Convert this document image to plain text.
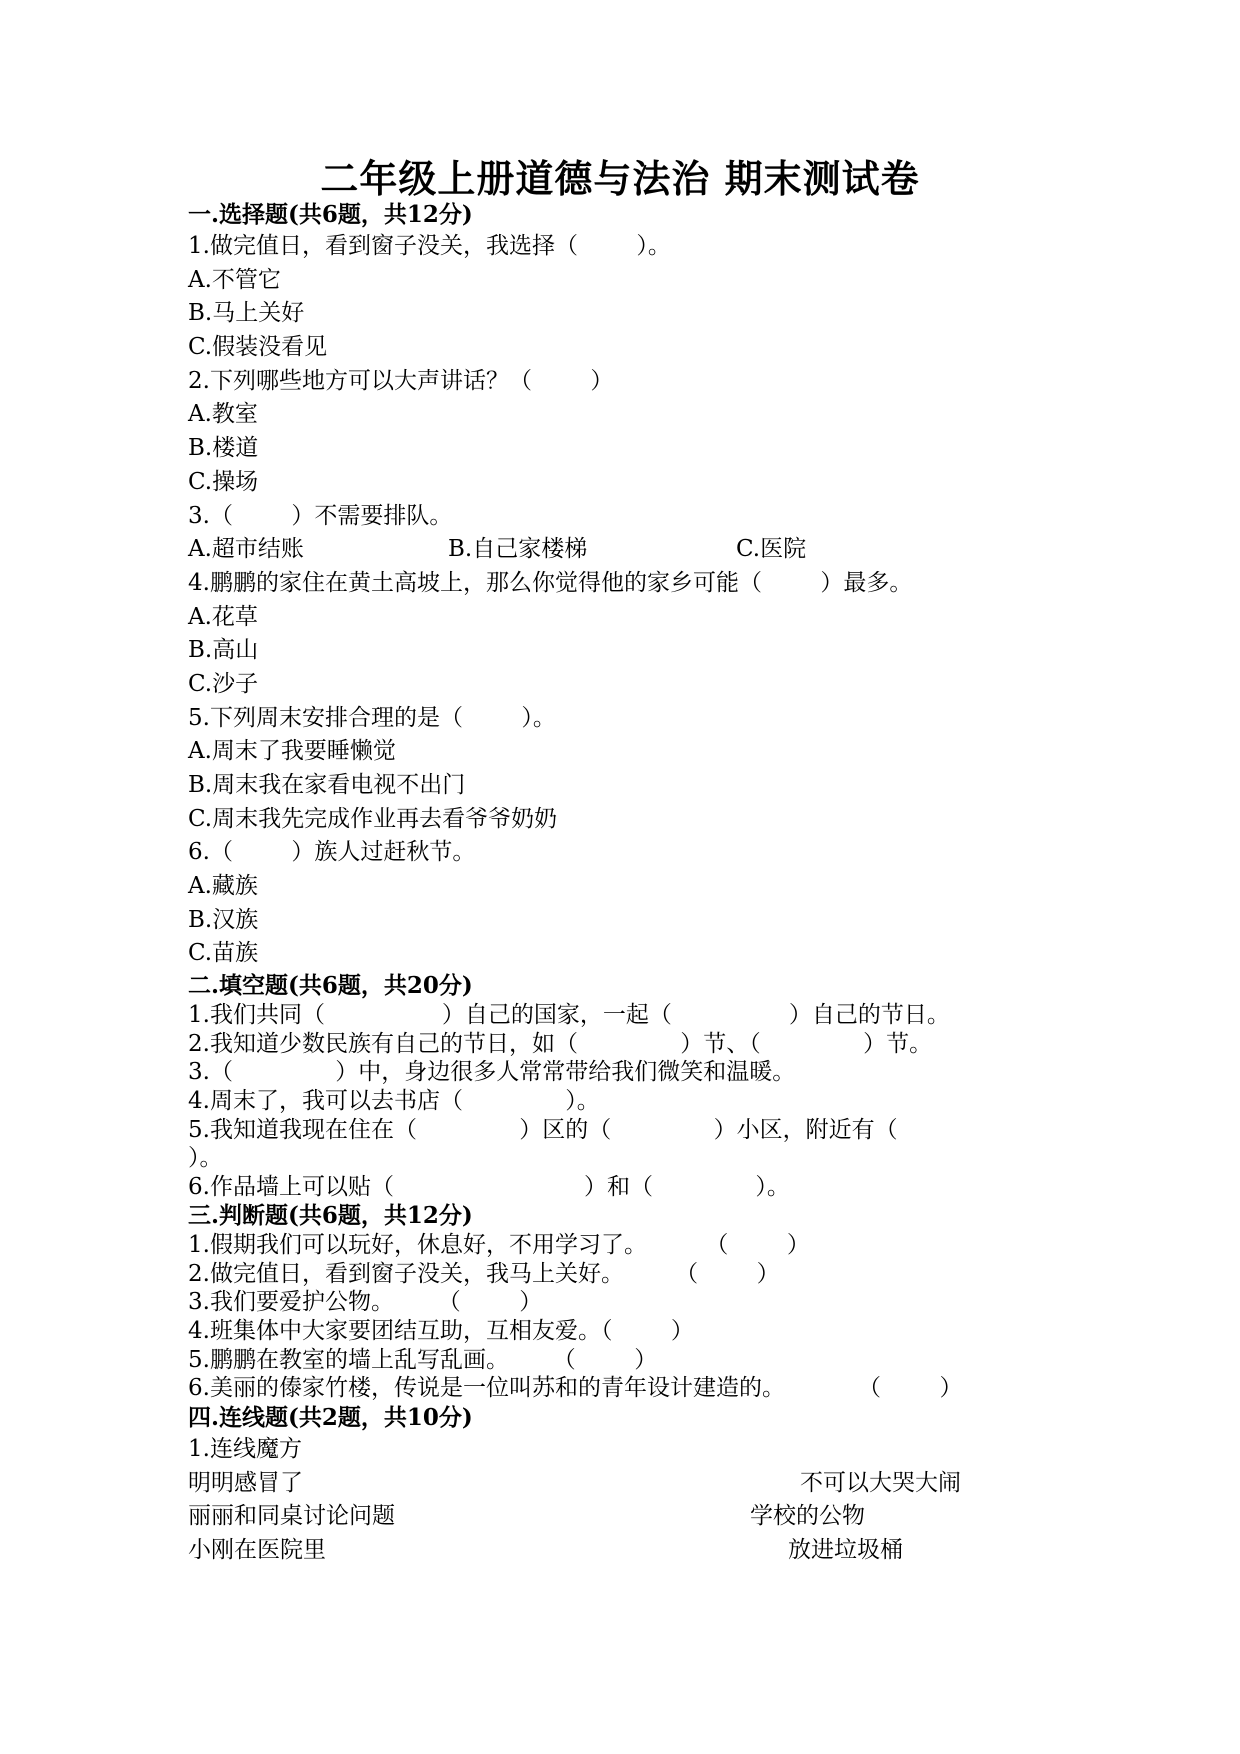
二年级上册道德与法治 期末测试卷
一.选择题(共6题，共12分)
1.做完值日，看到窗子没关，我选择（        ）。
A.不管它
B.马上关好
C.假装没看见
2.下列哪些地方可以大声讲话？（        ）
A.教室
B.楼道
C.操场
3.（        ）不需要排队。
A.超市结账	B.自己家楼梯	C.医院
4.鹏鹏的家住在黄土高坡上，那么你觉得他的家乡可能（        ）最多。
A.花草
B.高山
C.沙子
5.下列周末安排合理的是（        ）。
A.周末了我要睡懒觉
B.周末我在家看电视不出门
C.周末我先完成作业再去看爷爷奶奶
6.（        ）族人过赶秋节。
A.藏族
B.汉族
C.苗族
二.填空题(共6题，共20分)
1.我们共同（                ）自己的国家，一起（                ）自己的节日。
2.我知道少数民族有自己的节日，如（              ）节、（              ）节。
3.（              ）中，身边很多人常常带给我们微笑和温暖。
4.周末了，我可以去书店（              ）。
5.我知道我现在住在（              ）区的（              ）小区，附近有（
）。
6.作品墙上可以贴（                          ）和（              ）。
三.判断题(共6题，共12分)
1.假期我们可以玩好，休息好，不用学习了。        （        ）
2.做完值日，看到窗子没关，我马上关好。       （        ）
3.我们要爱护公物。      （        ）
4.班集体中大家要团结互助，互相友爱。（        ）
5.鹏鹏在教室的墙上乱写乱画。      （        ）
6.美丽的傣家竹楼，传说是一位叫苏和的青年设计建造的。          （        ）
四.连线题(共2题，共10分)
1.连线魔方
明明感冒了	不可以大哭大闹
丽丽和同桌讨论问题	学校的公物
小刚在医院里	放进垃圾桶
